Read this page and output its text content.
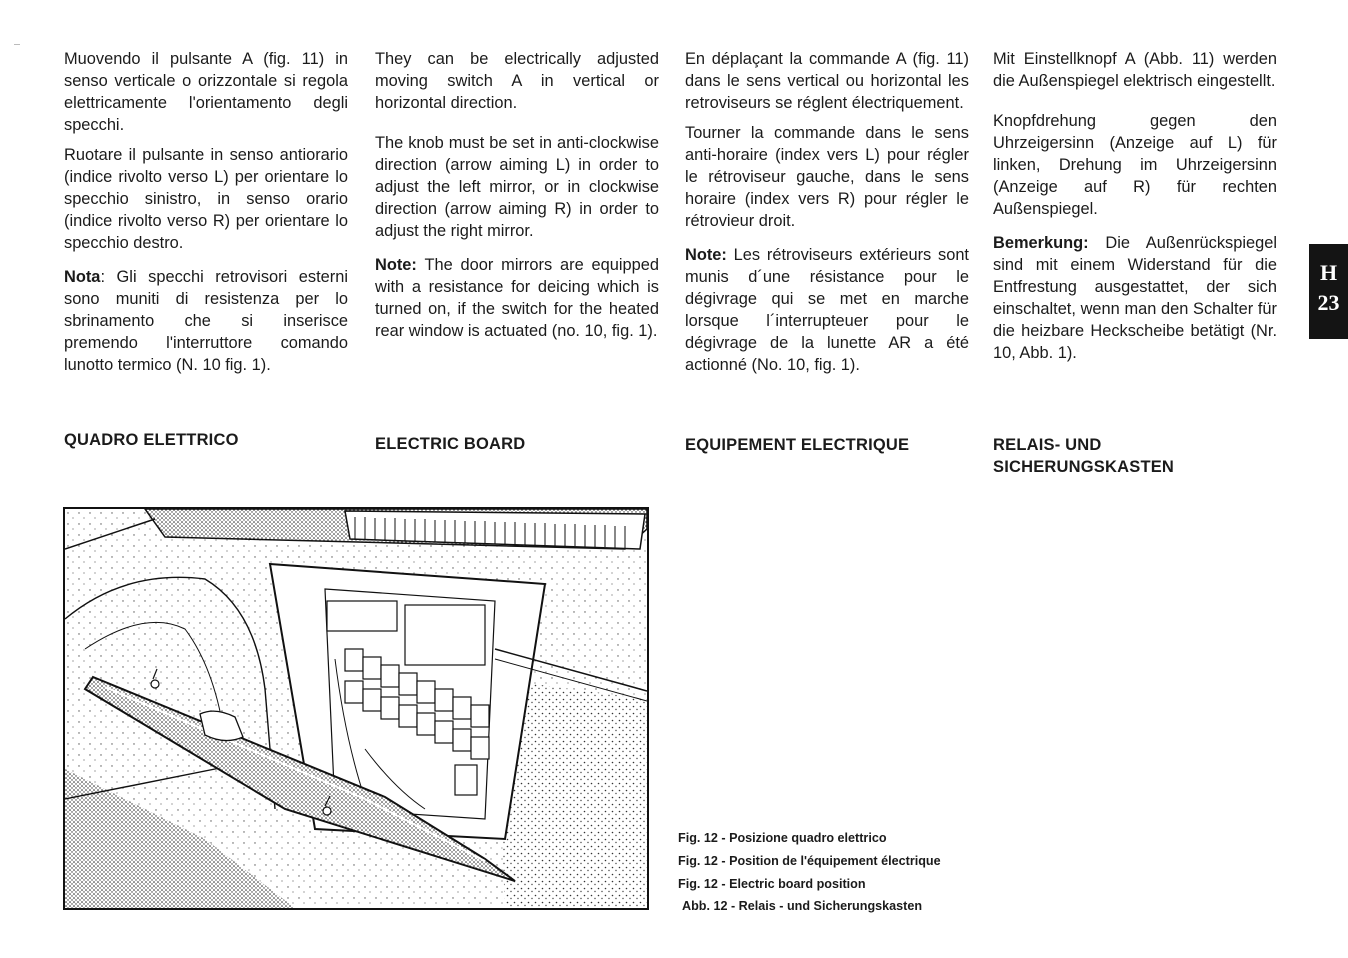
Muovendo il pulsante A (fig. 11) in senso verticale o orizzontale si regola elettricamente l'orientamento degli specchi.

Ruotare il pulsante in senso antiorario (indice rivolto verso L) per orientare lo specchio sinistro, in senso orario (indice rivolto verso R) per orientare lo specchio destro.

Nota: Gli specchi retrovisori esterni sono muniti di resistenza per lo sbrinamento che si inserisce premendo l'interruttore comando lunotto termico (N. 10 fig. 1).

They can be electrically adjusted moving switch A in vertical or horizontal direction.

The knob must be set in anti-clockwise direction (arrow aiming L) in order to adjust the left mirror, or in clockwise direction (arrow aiming R) in order to adjust the right mirror.

Note: The door mirrors are equipped with a resistance for deicing which is turned on, if the switch for the heated rear window is actuated (no. 10, fig. 1).

En déplaçant la commande A (fig. 11) dans le sens vertical ou horizontal les retroviseurs se réglent électriquement.

Tourner la commande dans le sens anti-horaire (index vers L) pour régler le rétroviseur gauche, dans le sens horaire (index vers R) pour régler le rétrovieur droit.

Note: Les rétroviseurs extérieurs sont munis d´une résistance pour le dégivrage qui se met en marche lorsque l´interrupteuer pour le dégivrage de la lunette AR a été actionné (No. 10, fig. 1).

Mit Einstellknopf A (Abb. 11) werden die Außenspiegel elektrisch eingestellt.

Knopfdrehung gegen den Uhrzeigersinn (Anzeige auf L) für linken, Drehung im Uhrzeigersinn (Anzeige auf R) für rechten Außenspiegel.

Bemerkung: Die Außenrückspiegel sind mit einem Widerstand für die Entfrestung ausgestattet, der sich einschaltet, wenn man den Schalter für die heizbare Heckscheibe betätigt (Nr. 10, Abb. 1).

QUADRO ELETTRICO	ELECTRIC BOARD	EQUIPEMENT ELECTRIQUE	RELAIS- UND SICHERUNGSKASTEN
H
23
Fig. 12 - Posizione quadro elettrico
Fig. 12 - Position de l'équipement électrique
Fig. 12 - Electric board position
Abb. 12 - Relais - und Sicherungskasten
